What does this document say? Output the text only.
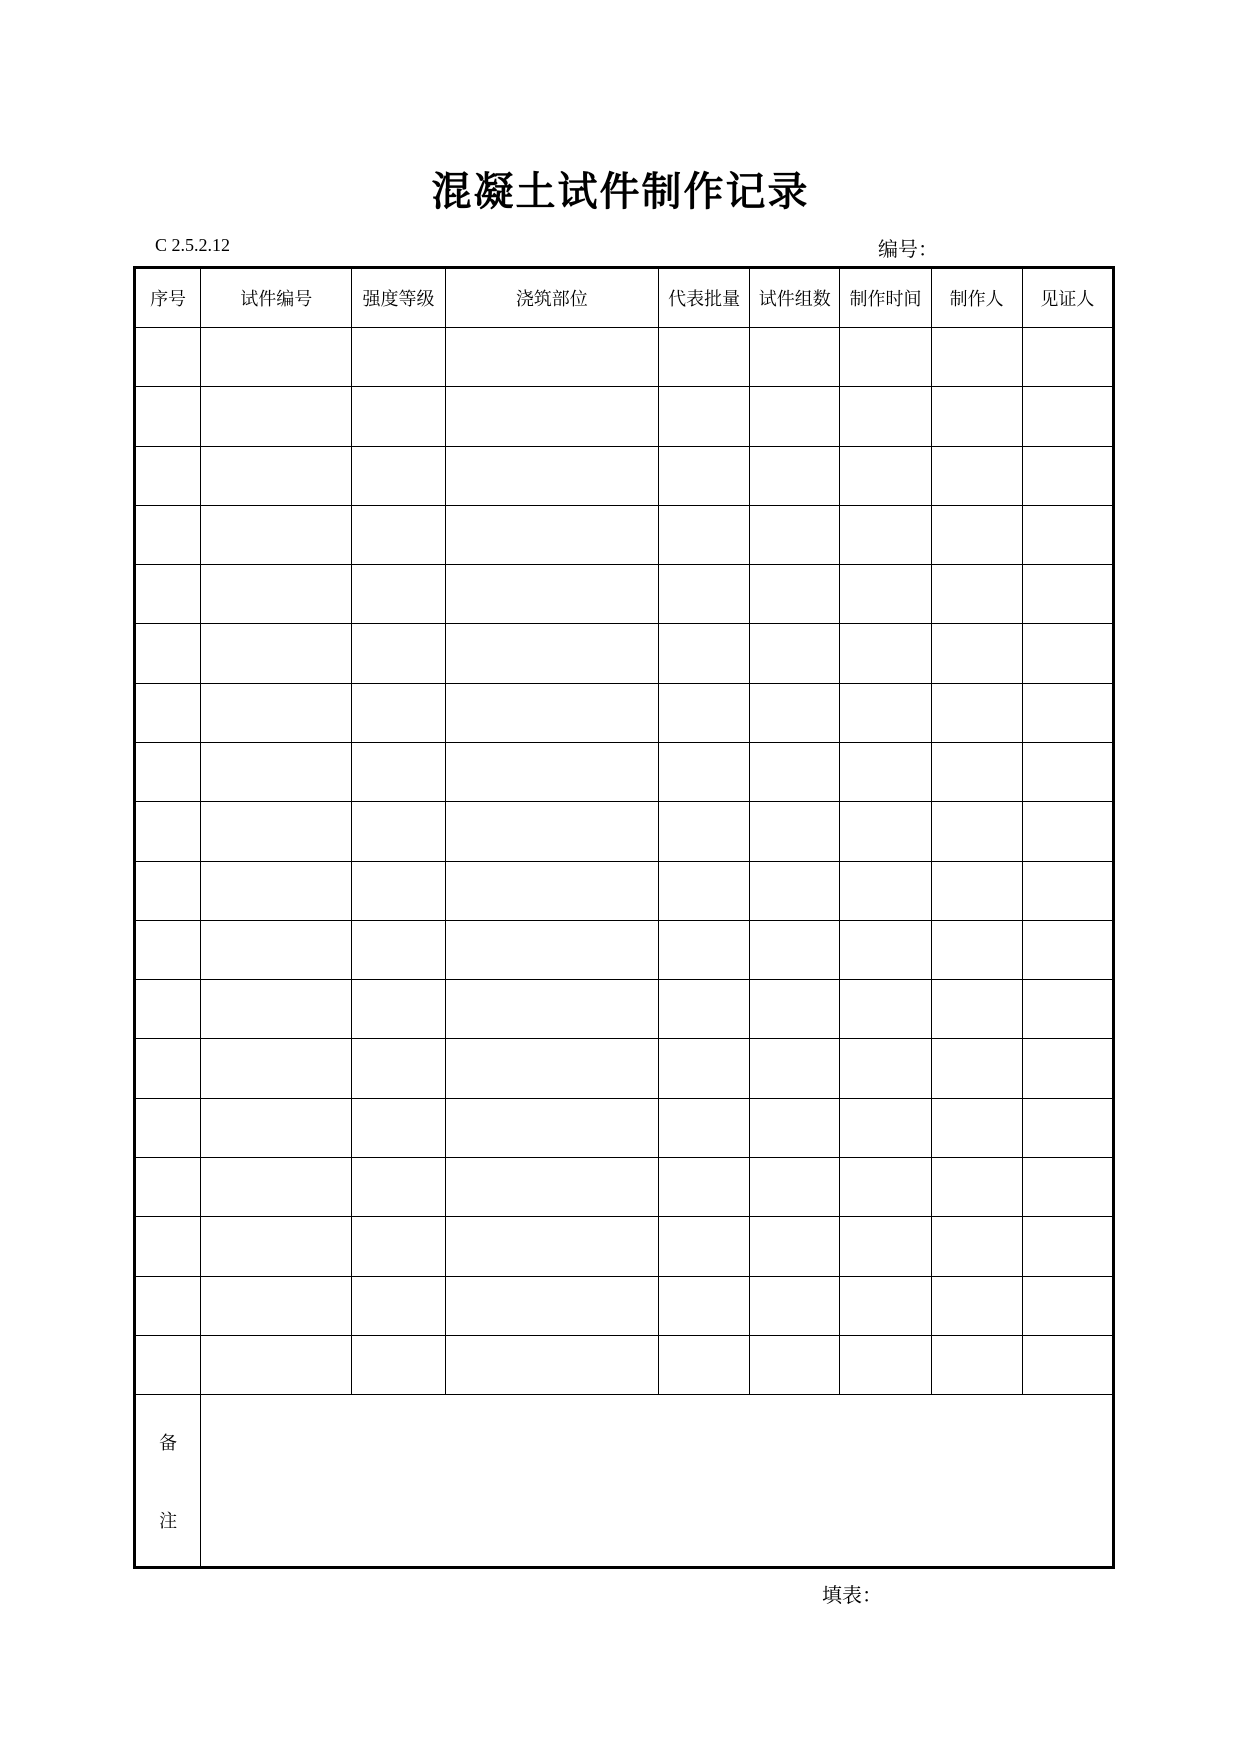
混凝土试件制作记录
C 2.5.2.12	编号：
序号	试件编号	强度等级	浇筑部位	代表批量	试件组数	制作时间	制作人	见证人

备
注								

填表：
